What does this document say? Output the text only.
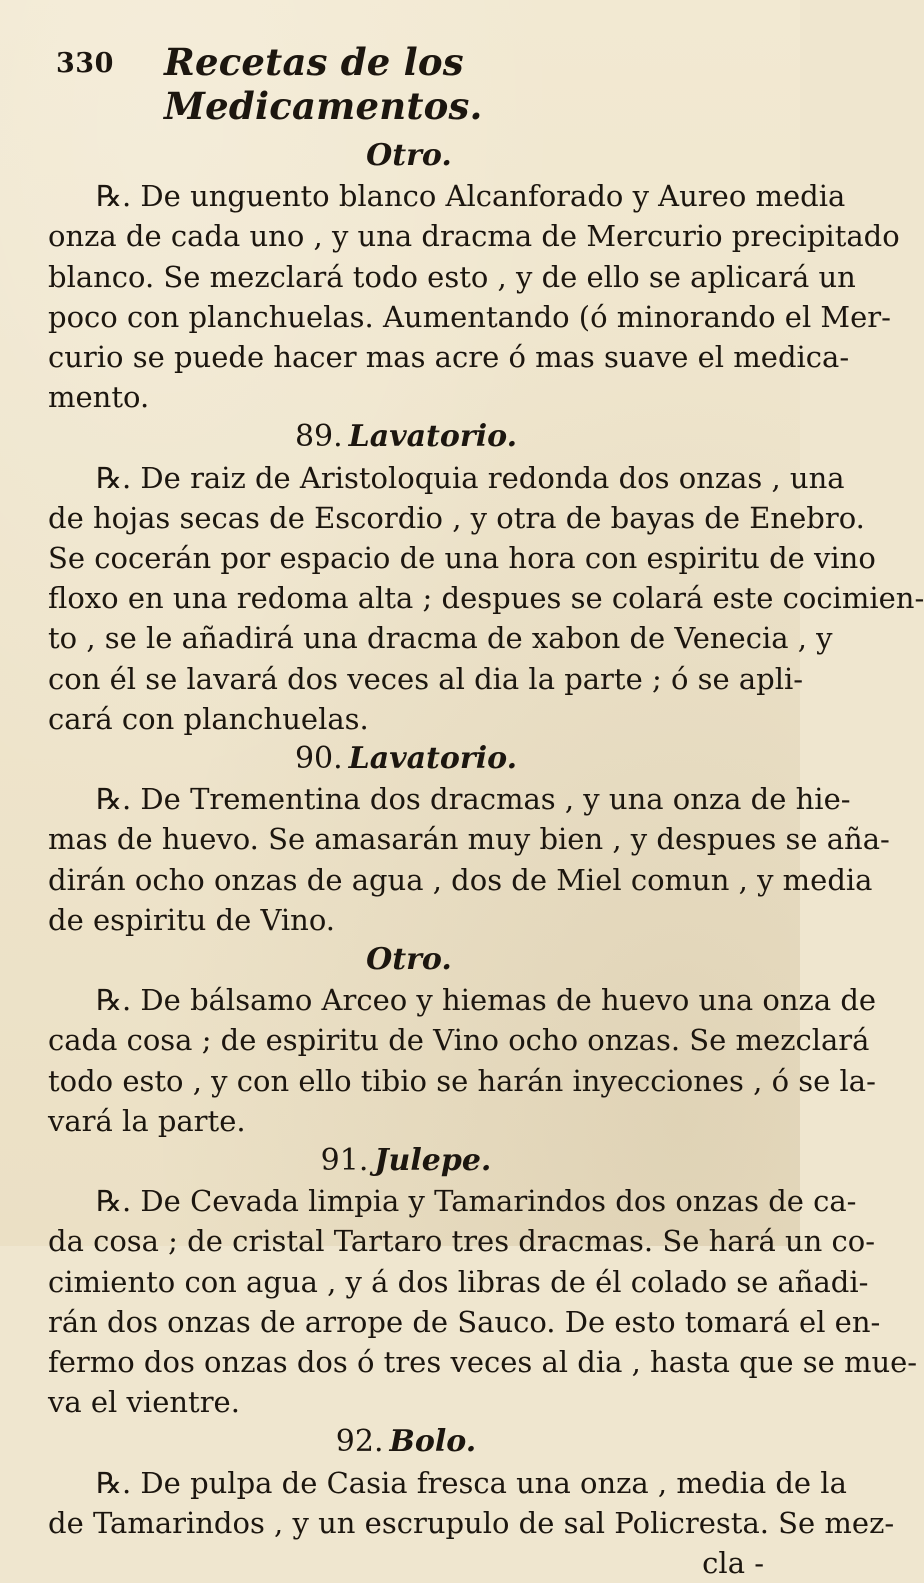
330 Recetas de los Medicamentos.
Otro.
℞. De unguento blanco Alcanforado y Aureo media
onza de cada uno , y una dracma de Mercurio precipitado
blanco. Se mezclará todo esto , y de ello se aplicará un
poco con planchuelas. Aumentando (ó minorando el Mer-
curio se puede hacer mas acre ó mas suave el medica-
mento.
89. Lavatorio.
℞. De raiz de Aristoloquia redonda dos onzas , una
de hojas secas de Escordio , y otra de bayas de Enebro.
Se cocerán por espacio de una hora con espiritu de vino
floxo en una redoma alta ; despues se colará este cocimien-
to , se le añadirá una dracma de xabon de Venecia , y
con él se lavará dos veces al dia la parte ; ó se apli-
cará con planchuelas.
90. Lavatorio.
℞. De Trementina dos dracmas , y una onza de hie-
mas de huevo. Se amasarán muy bien , y despues se aña-
dirán ocho onzas de agua , dos de Miel comun , y media
de espiritu de Vino.
Otro.
℞. De bálsamo Arceo y hiemas de huevo una onza de
cada cosa ; de espiritu de Vino ocho onzas. Se mezclará
todo esto , y con ello tibio se harán inyecciones , ó se la-
vará la parte.
91. Julepe.
℞. De Cevada limpia y Tamarindos dos onzas de ca-
da cosa ; de cristal Tartaro tres dracmas. Se hará un co-
cimiento con agua , y á dos libras de él colado se añadi-
rán dos onzas de arrope de Sauco. De esto tomará el en-
fermo dos onzas dos ó tres veces al dia , hasta que se mue-
va el vientre.
92. Bolo.
℞. De pulpa de Casia fresca una onza , media de la
de Tamarindos , y un escrupulo de sal Policresta. Se mez-
cla -
